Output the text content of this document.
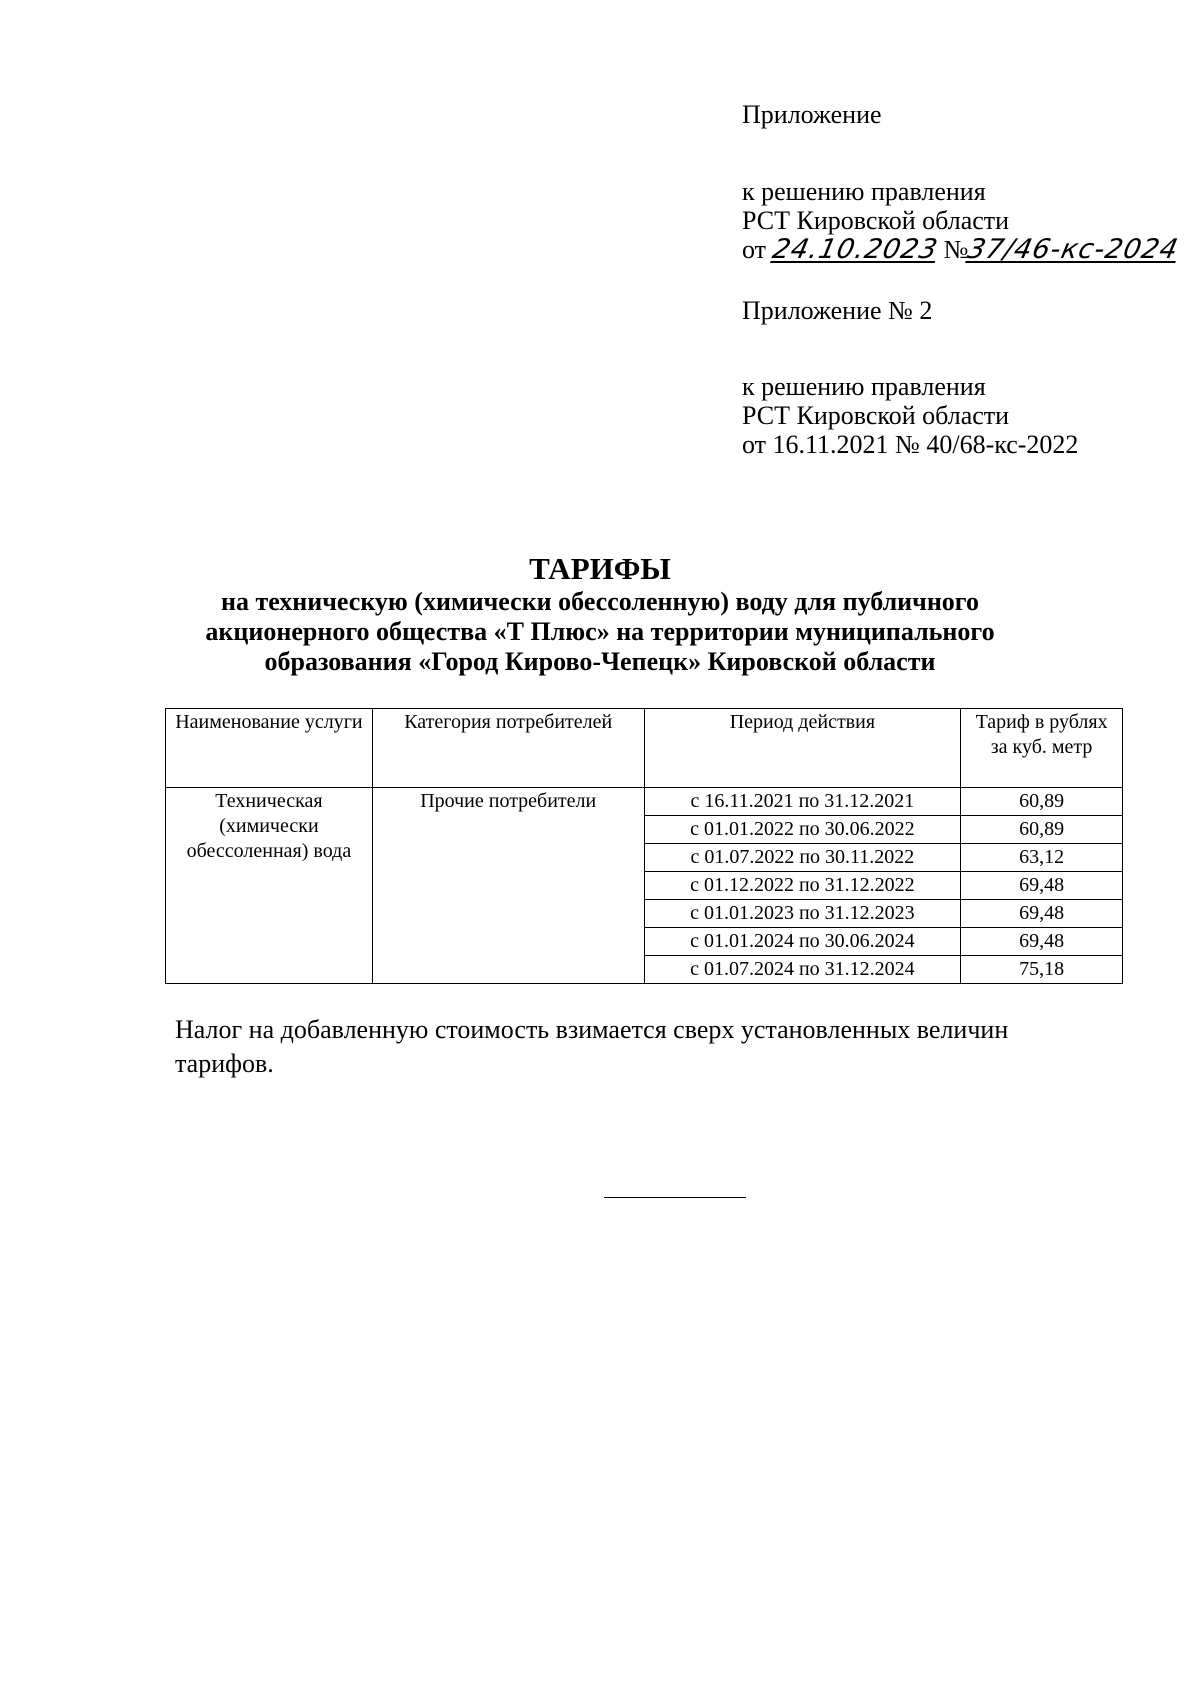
Приложение
к решению правления
РСТ Кировской области
от 24.10.2023 №37/46-кс-2024
Приложение № 2
к решению правления
РСТ Кировской области
от 16.11.2021 № 40/68-кс-2022
ТАРИФЫ
на техническую (химически обессоленную) воду для публичного
акционерного общества «Т Плюс» на территории муниципального
образования «Город Кирово-Чепецк» Кировской области
Наименование услуги	Категория потребителей	Период действия	Тариф в рублях за куб. метр
Техническая (химически обессоленная) вода	Прочие потребители	с 16.11.2021 по 31.12.2021	60,89
		с 01.01.2022 по 30.06.2022	60,89
		с 01.07.2022 по 30.11.2022	63,12
		с 01.12.2022 по 31.12.2022	69,48
		с 01.01.2023 по 31.12.2023	69,48
		с 01.01.2024 по 30.06.2024	69,48
		с 01.07.2024 по 31.12.2024	75,18
Налог на добавленную стоимость взимается сверх установленных величин тарифов.
